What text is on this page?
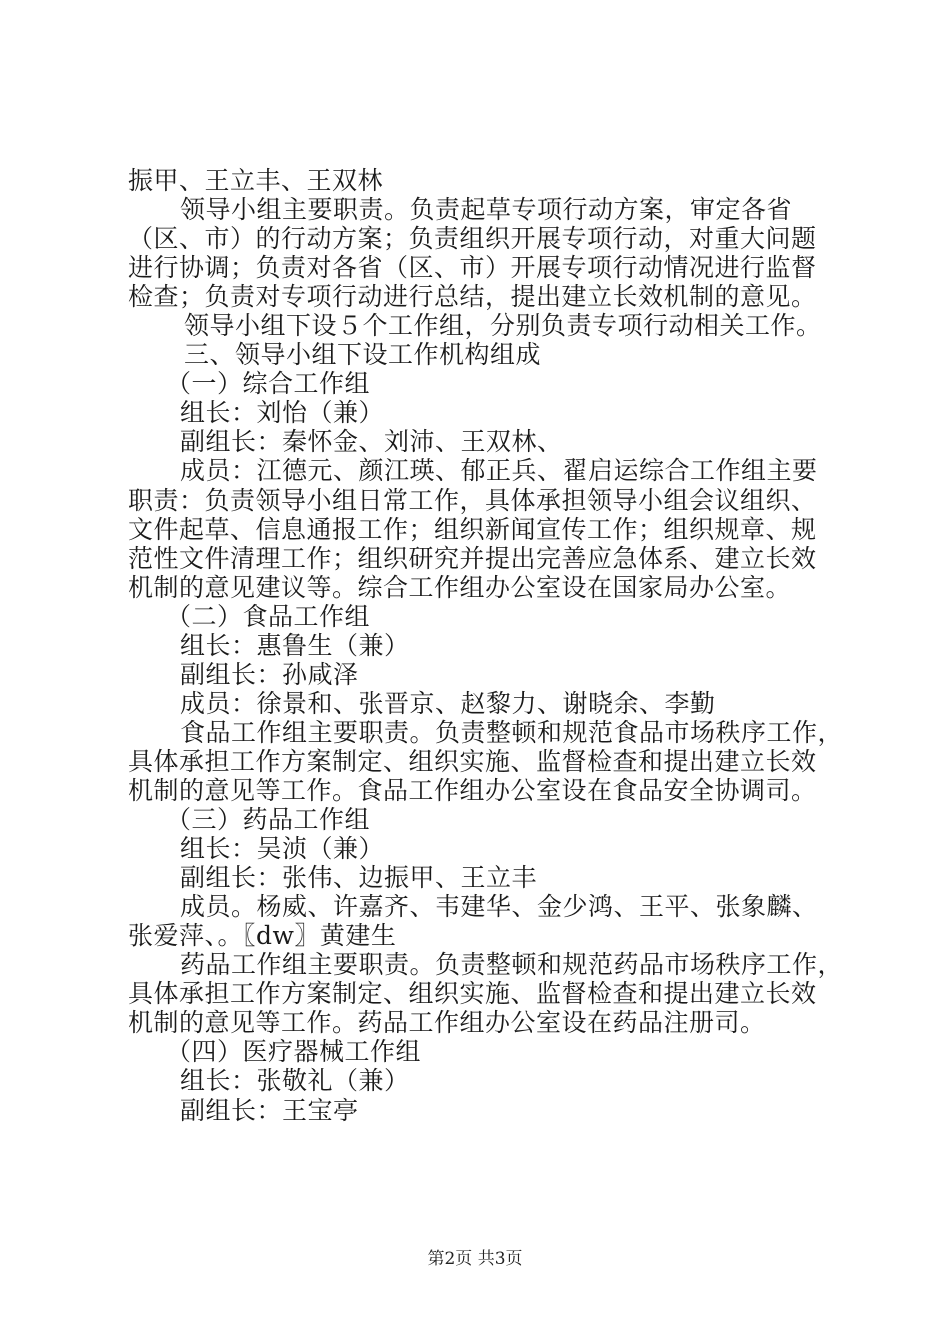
振甲、王立丰、王双林
领导小组主要职责。负责起草专项行动方案，审定各省
（区、市）的行动方案；负责组织开展专项行动，对重大问题
进行协调；负责对各省（区、市）开展专项行动情况进行监督
检查；负责对专项行动进行总结，提出建立长效机制的意见。
领导小组下设５个工作组，分别负责专项行动相关工作。
三、领导小组下设工作机构组成
（一）综合工作组
组长：刘怡（兼）
副组长：秦怀金、刘沛、王双林、
成员：江德元、颜江瑛、郁正兵、翟启运综合工作组主要
职责：负责领导小组日常工作，具体承担领导小组会议组织、
文件起草、信息通报工作；组织新闻宣传工作；组织规章、规
范性文件清理工作；组织研究并提出完善应急体系、建立长效
机制的意见建议等。综合工作组办公室设在国家局办公室。
（二）食品工作组
组长：惠鲁生（兼）
副组长：孙咸泽
成员：徐景和、张晋京、赵黎力、谢晓余、李勤
食品工作组主要职责。负责整顿和规范食品市场秩序工作，
具体承担工作方案制定、组织实施、监督检查和提出建立长效
机制的意见等工作。食品工作组办公室设在食品安全协调司。
（三）药品工作组
组长：吴浈（兼）
副组长：张伟、边振甲、王立丰
成员。杨威、许嘉齐、韦建华、金少鸿、王平、张象麟、
张爱萍、。〖dw〗黄建生
药品工作组主要职责。负责整顿和规范药品市场秩序工作，
具体承担工作方案制定、组织实施、监督检查和提出建立长效
机制的意见等工作。药品工作组办公室设在药品注册司。
（四）医疗器械工作组
组长：张敬礼（兼）
副组长：王宝亭
第2页 共3页
